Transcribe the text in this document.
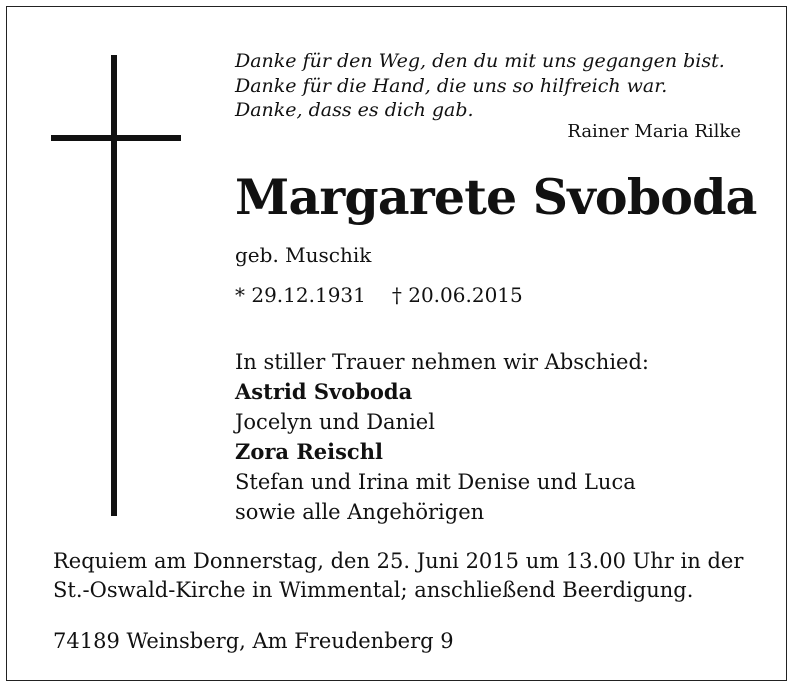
Danke für den Weg, den du mit uns gegangen bist.
Danke für die Hand, die uns so hilfreich war.
Danke, dass es dich gab.
Rainer Maria Rilke
Margarete Svoboda
geb. Muschik
* 29.12.1931 † 20.06.2015
In stiller Trauer nehmen wir Abschied:
Astrid Svoboda
Jocelyn und Daniel
Zora Reischl
Stefan und Irina mit Denise und Luca
sowie alle Angehörigen
Requiem am Donnerstag, den 25. Juni 2015 um 13.00 Uhr in der
St.-Oswald-Kirche in Wimmental; anschließend Beerdigung.
74189 Weinsberg, Am Freudenberg 9
